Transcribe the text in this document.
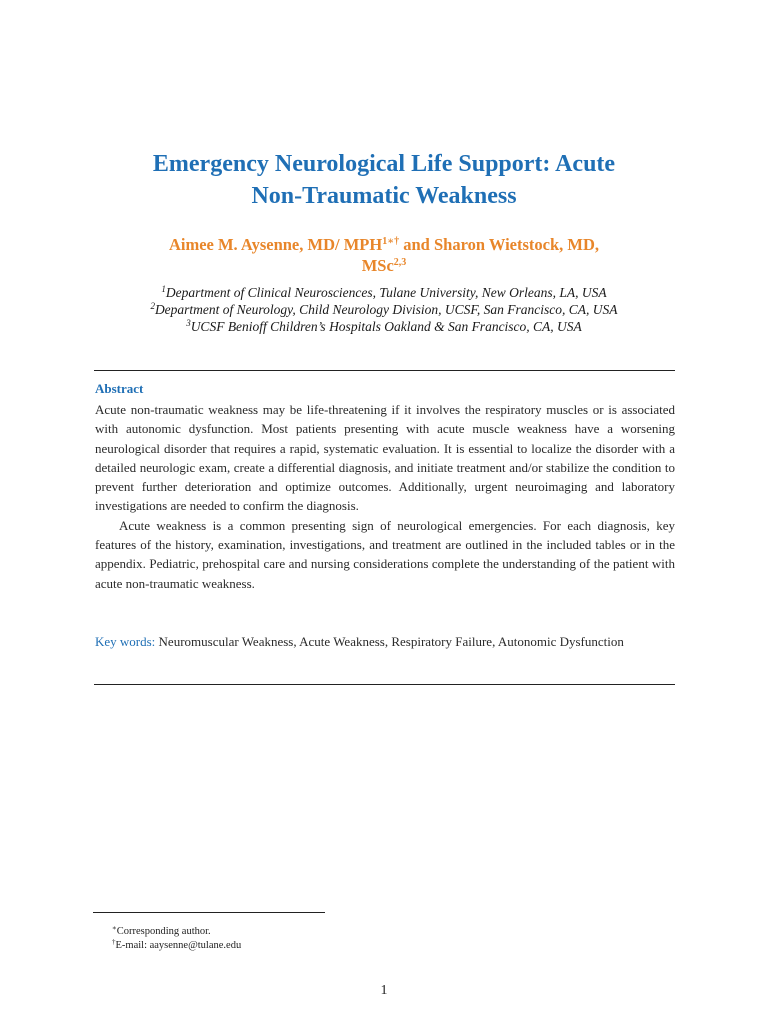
Emergency Neurological Life Support: Acute
Non-Traumatic Weakness
Aimee M. Aysenne, MD/ $MPH^{1∗\dagger}$ and Sharon Wietstock, MD,
MSc$^{2,3}$
$^1$Department of Clinical Neurosciences, Tulane University, New Orleans, LA, USA
$^2$Department of Neurology, Child Neurology Division, UCSF, San Francisco, CA, USA
$^3$UCSF Benioff Children’s Hospitals Oakland & San Francisco, CA, USA
Abstract

Acute non-traumatic weakness may be life-threatening if it involves the respiratory muscles or is associated with autonomic dysfunction. Most patients presenting with acute muscle weakness have a worsening neurological disorder that requires a rapid, systematic evaluation. It is essential to localize the disorder with a detailed neurologic exam, create a differential diagnosis, and initiate treatment and/or stabilize the condition to prevent further deterioration and optimize outcomes. Additionally, urgent neuroimaging and laboratory investigations are needed to confirm the diagnosis.

Acute weakness is a common presenting sign of neurological emergencies. For each diagnosis, key features of the history, examination, investigations, and treatment are outlined in the included tables or in the appendix. Pediatric, prehospital care and nursing considerations complete the understanding of the patient with acute non-traumatic weakness.

Key words: Neuromuscular Weakness, Acute Weakness, Respiratory Failure, Autonomic Dysfunction
∗Corresponding author.
†E-mail: aaysenne@tulane.edu
1
